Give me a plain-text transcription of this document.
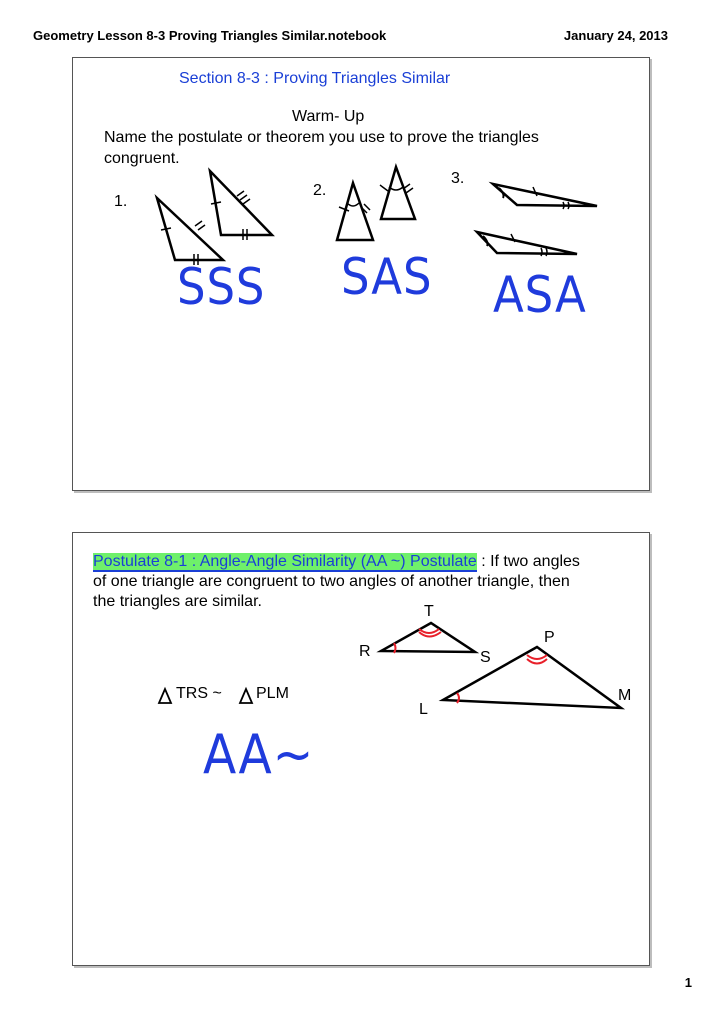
Geometry Lesson 8-3 Proving Triangles Similar.notebook	January 24, 2013
Section 8-3 : Proving Triangles Similar
Warm- Up
Name the postulate or theorem you use to prove the triangles
congruent.
1.
2.
3.
SSS SAS ASA
Postulate 8-1 : Angle-Angle Similarity (AA ~) Postulate : If two angles
of one triangle are congruent to two angles of another triangle, then
the triangles are similar.
T
R	S
P
L
M
TRS ~ PLM
AA~
1
